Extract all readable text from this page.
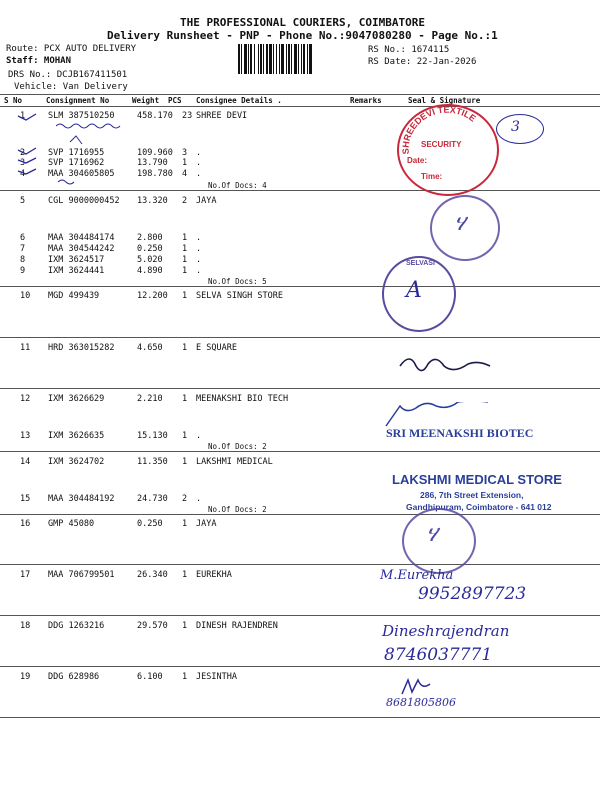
THE PROFESSIONAL COURIERS, COIMBATORE
Delivery Runsheet - PNP - Phone No.:9047080280 - Page No.:1
Route: PCX AUTO DELIVERY
Staff: MOHAN
DRS No.: DCJB167411501
Vehicle: Van Delivery
RS No.: 1674115
RS Date: 22-Jan-2026
S No	Consignment No	Weight PCS Consignee Details .	Remarks	Seal & Signature
1	SLM 387510250	458.170 23 SHREE DEVI
2	SVP 1716955	109.960 3 .
3	SVP 1716962	13.790 1 .
4	MAA 304605805	198.780 4 .
No.Of Docs: 4
5	CGL 9000000452 13.320 2 JAYA
6	MAA 304484174	2.800 1 .
7	MAA 304544242	0.250 1 .
8	IXM 3624517	5.020 1 .
9	IXM 3624441	4.890 1 .
No.Of Docs: 5
10 MGD 499439	12.200 1 SELVA SINGH STORE
11 HRD 363015282	4.650 1 E SQUARE
12 IXM 3626629	2.210 1 MEENAKSHI BIO TECH
13 IXM 3626635	15.130 1 .
No.Of Docs: 2
14 IXM 3624702	11.350 1 LAKSHMI MEDICAL
15 MAA 304484192	24.730 2 .
No.Of Docs: 2
16 GMP 45080	0.250 1 JAYA
17 MAA 706799501	26.340 1 EUREKHA
18 DDG 1263216	29.570 1 DINESH RAJENDREN
19 DDG 628986	6.100 1 JESINTHA
SHREEDEVI TEXTILE
SECURITY
Date:
Time:
3
ሃ
SELVASI
A
SRI MEENAKSHI BIOTEC
LAKSHMI MEDICAL STORE
286, 7th Street Extension,
Gandhipuram, Coimbatore - 641 012
ሃ
M.Eurekha
9952897723
Dineshrajendran
8746037771
8681805806
